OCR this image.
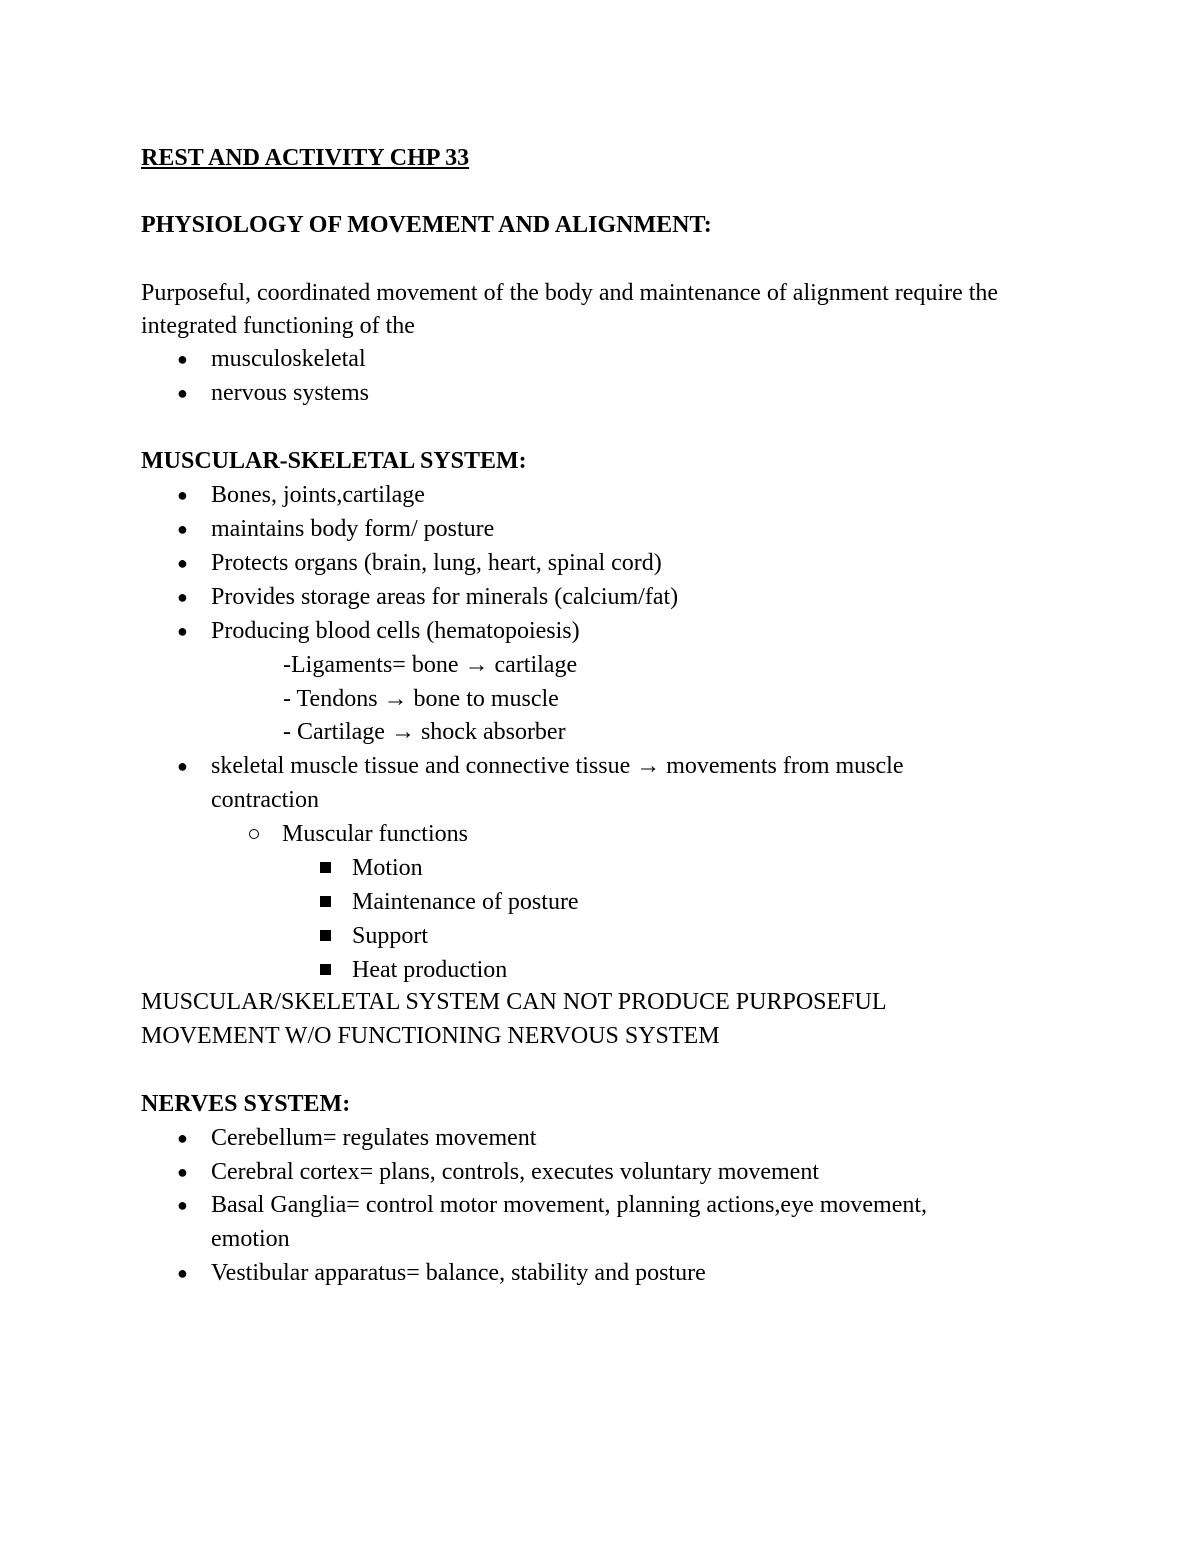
REST AND ACTIVITY CHP 33
PHYSIOLOGY OF MOVEMENT AND ALIGNMENT:
Purposeful, coordinated movement of the body and maintenance of alignment require the
integrated functioning of the
● musculoskeletal
● nervous systems
MUSCULAR-SKELETAL SYSTEM:
● Bones, joints,cartilage
● maintains body form/ posture
● Protects organs (brain, lung, heart, spinal cord)
● Provides storage areas for minerals (calcium/fat)
● Producing blood cells (hematopoiesis)
-Ligaments= bone → cartilage
- Tendons → bone to muscle
- Cartilage → shock absorber
● skeletal muscle tissue and connective tissue → movements from muscle
contraction
Muscular functions
Motion
Maintenance of posture
Support
Heat production
MUSCULAR/SKELETAL SYSTEM CAN NOT PRODUCE PURPOSEFUL
MOVEMENT W/O FUNCTIONING NERVOUS SYSTEM
NERVES SYSTEM:
● Cerebellum= regulates movement
● Cerebral cortex= plans, controls, executes voluntary movement
● Basal Ganglia= control motor movement, planning actions,eye movement,
emotion
● Vestibular apparatus= balance, stability and posture
